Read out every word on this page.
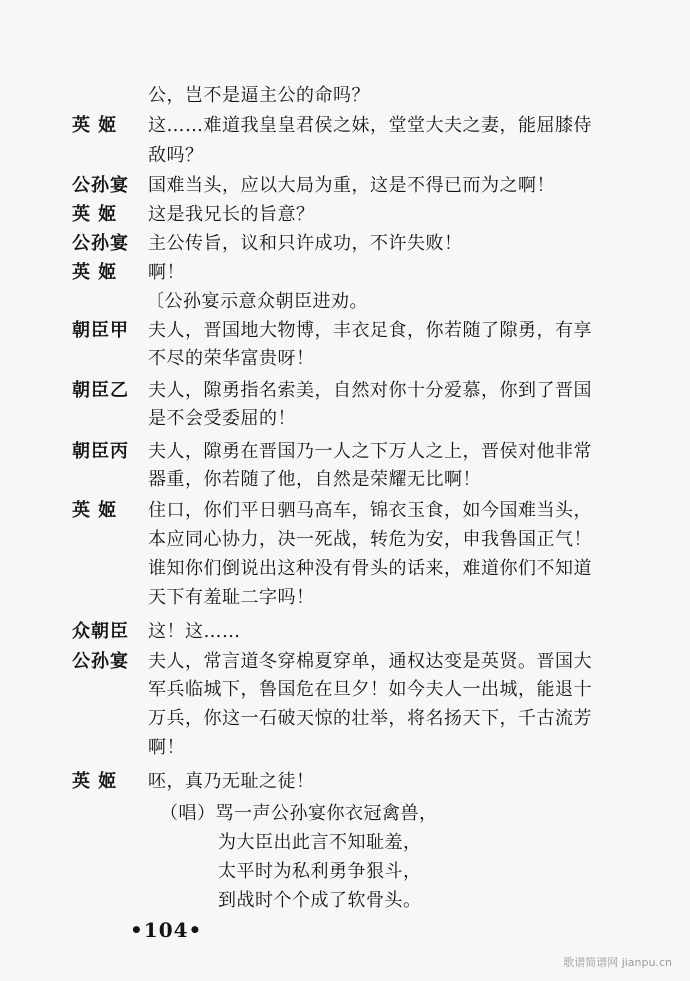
公，岂不是逼主公的命吗？
英 姬	这……难道我皇皇君侯之妹，堂堂大夫之妻，能屈膝侍
敌吗？
公孙宴	国难当头，应以大局为重，这是不得已而为之啊！
英 姬	这是我兄长的旨意？
公孙宴	主公传旨，议和只许成功，不许失败！
英 姬	啊！
〔公孙宴示意众朝臣进劝。
朝臣甲	夫人，晋国地大物博，丰衣足食，你若随了隙勇，有享
不尽的荣华富贵呀！
朝臣乙	夫人，隙勇指名索美，自然对你十分爱慕，你到了晋国
是不会受委屈的！
朝臣丙	夫人，隙勇在晋国乃一人之下万人之上，晋侯对他非常
器重，你若随了他，自然是荣耀无比啊！
英 姬	住口，你们平日驷马高车，锦衣玉食，如今国难当头，
本应同心协力，决一死战，转危为安，申我鲁国正气！
谁知你们倒说出这种没有骨头的话来，难道你们不知道
天下有羞耻二字吗！
众朝臣	这！这……
公孙宴	夫人，常言道冬穿棉夏穿单，通权达变是英贤。晋国大
军兵临城下，鲁国危在旦夕！如今夫人一出城，能退十
万兵，你这一石破天惊的壮举，将名扬天下，千古流芳
啊！
英 姬	呸，真乃无耻之徒！
（唱）骂一声公孙宴你衣冠禽兽，
为大臣出此言不知耻羞，
太平时为私利勇争狠斗，
到战时个个成了软骨头。
•104•
歌谱简谱网 jianpu.cn
